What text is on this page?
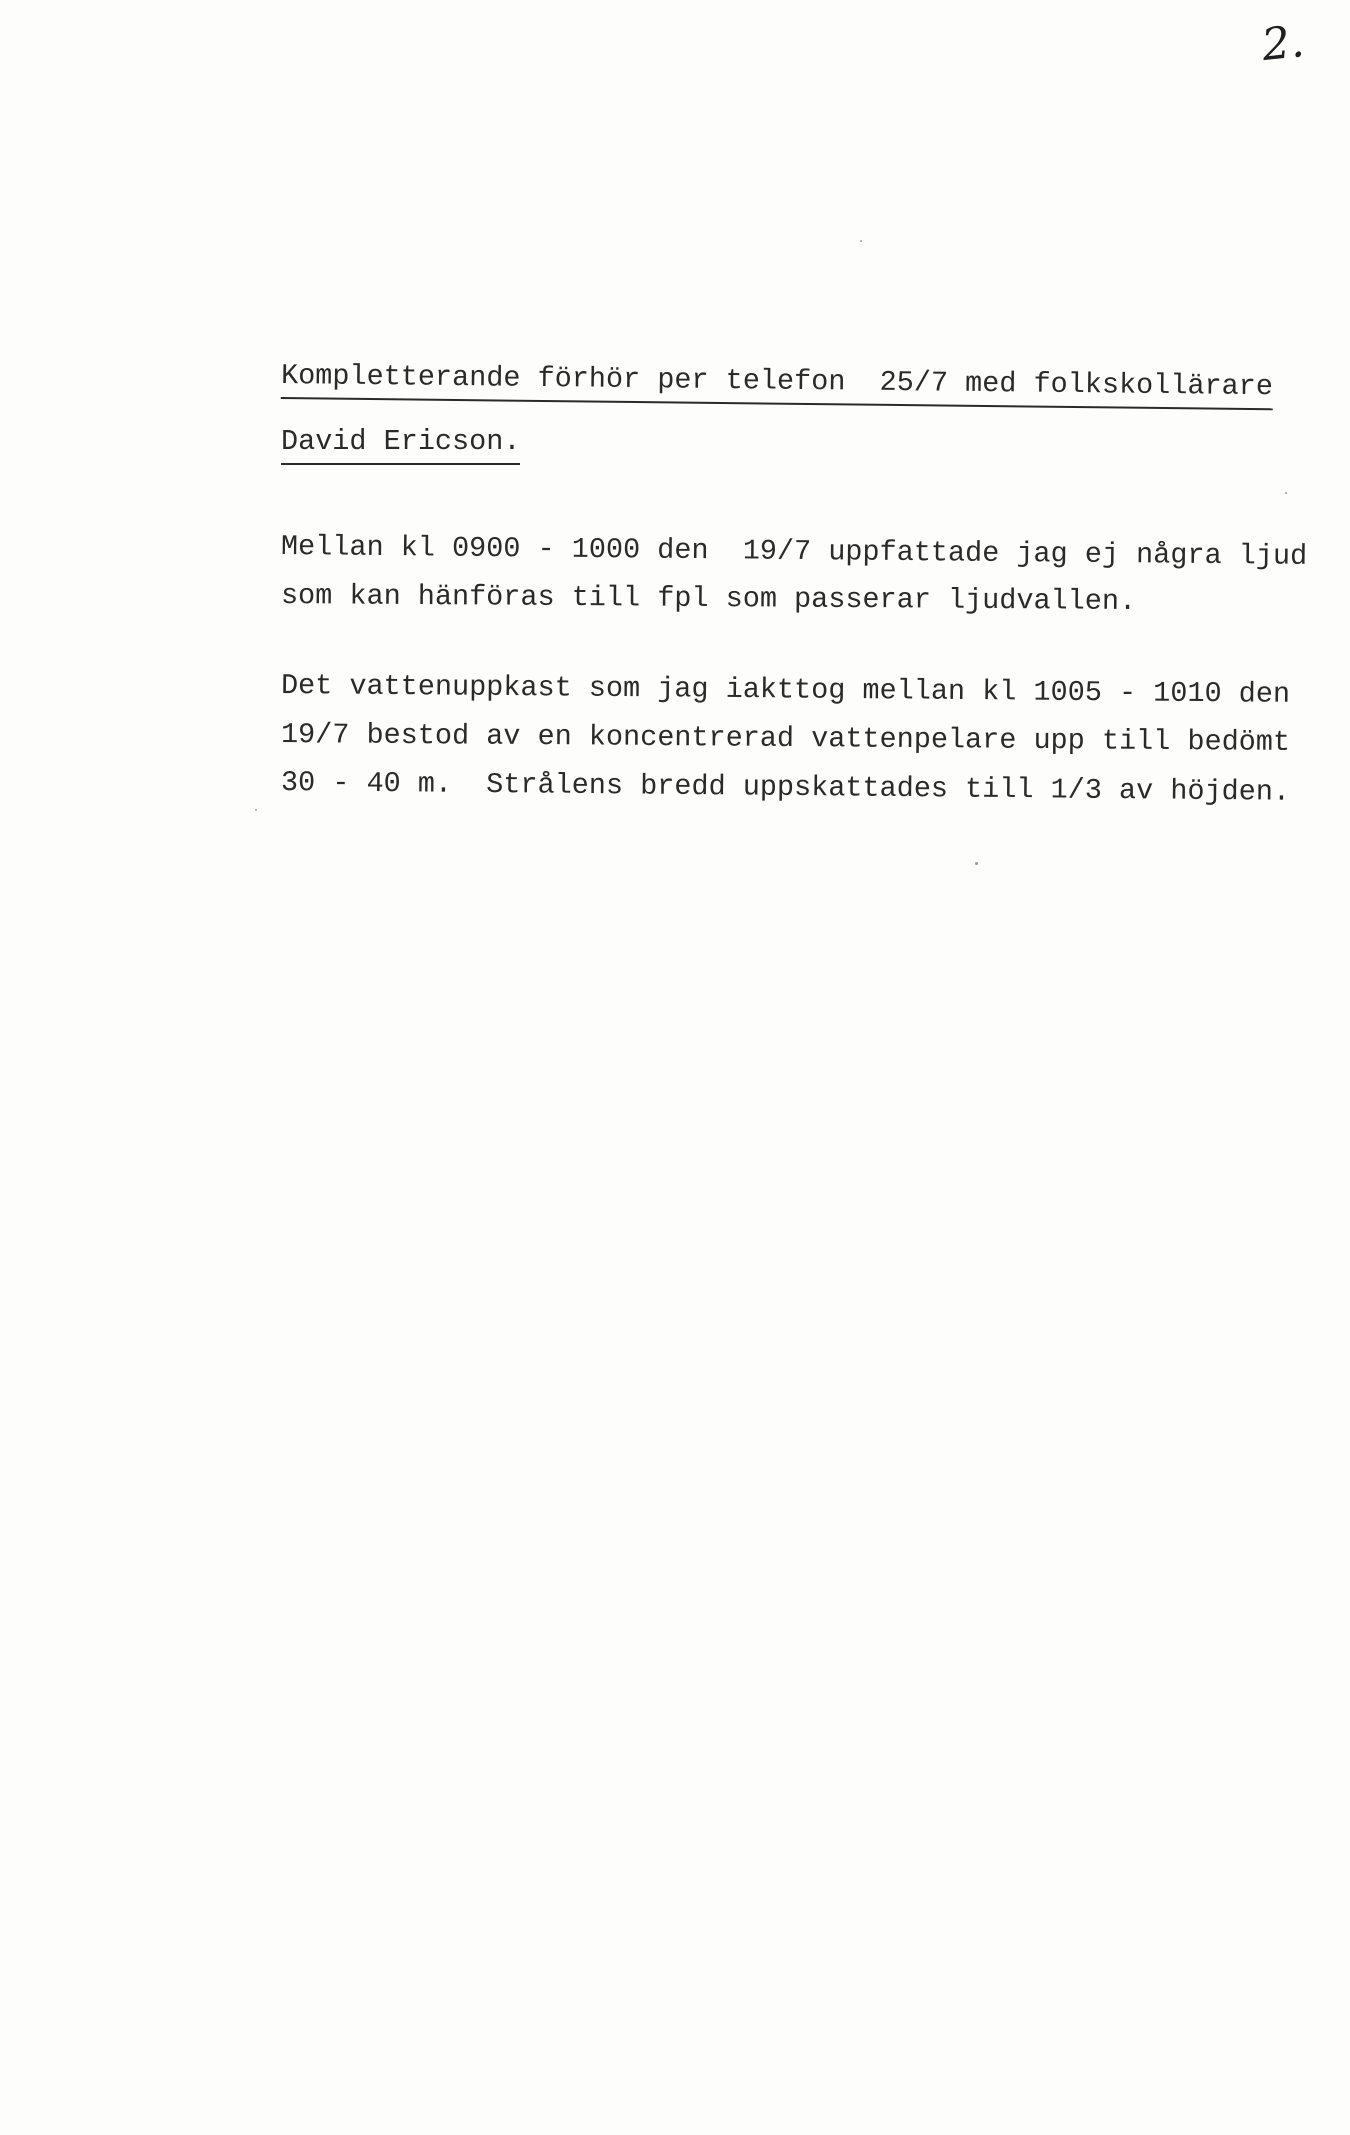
2.
Kompletterande förhör per telefon  25/7 med folkskollärare
David Ericson.
Mellan kl 0900 - 1000 den  19/7 uppfattade jag ej några ljud
som kan hänföras till fpl som passerar ljudvallen.
Det vattenuppkast som jag iakttog mellan kl 1005 - 1010 den
19/7 bestod av en koncentrerad vattenpelare upp till bedömt
30 - 40 m.  Strålens bredd uppskattades till 1/3 av höjden.
